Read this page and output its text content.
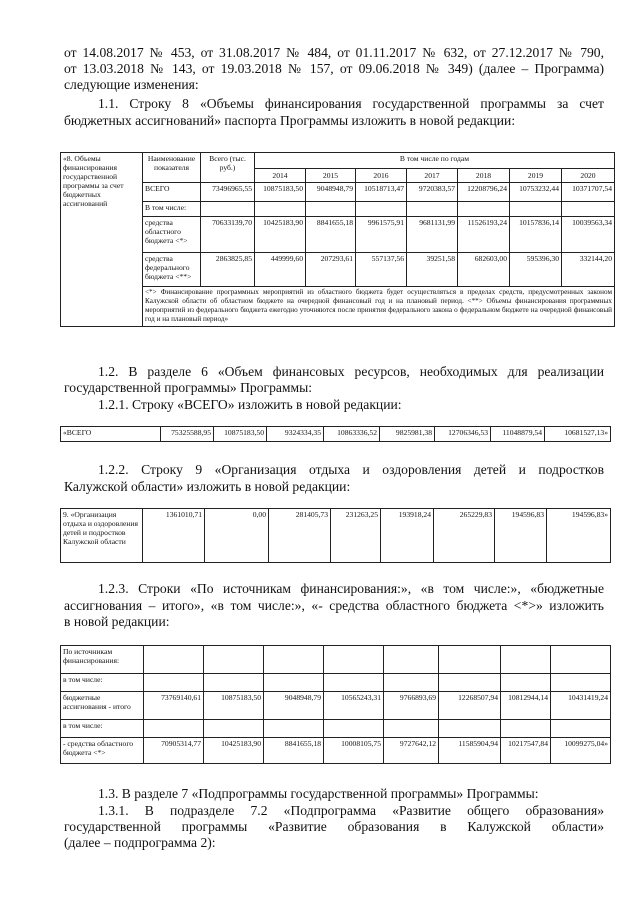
от 14.08.2017 № 453, от 31.08.2017 № 484, от 01.11.2017 № 632, от 27.12.2017 № 790,
от 13.03.2018 № 143, от 19.03.2018 № 157, от 09.06.2018 № 349) (далее – Программа)
следующие изменения:
1.1. Строку 8 «Объемы финансирования государственной программы за счет
бюджетных ассигнований» паспорта Программы изложить в новой редакции:
«8. Объемы финансирования государственной программы за счет бюджетных ассигнований	Наименование показателя	Всего (тыс. руб.)	В том числе по годам						
			2014	2015	2016	2017	2018	2019	2020
	ВСЕГО	73496965,55	10875183,50	9048948,79	10518713,47	9720383,57	12208796,24	10753232,44	10371707,54
	В том числе:								
	средства областного бюджета <*>	70633139,70	10425183,90	8841655,18	9961575,91	9681131,99	11526193,24	10157836,14	10039563,34
	средства федерального бюджета <**>	2863825,85	449999,60	207293,61	557137,56	39251,58	682603,00	595396,30	332144,20
	<*> Финансирование программных мероприятий из областного бюджета будет осуществляться в пределах средств, предусмотренных законом Калужской области об областном бюджете на очередной финансовый год и на плановый период. <**> Объемы финансирования программных мероприятий из федерального бюджета ежегодно уточняются после принятия федерального закона о федеральном бюджете на очередной финансовый год и на плановый период»								
1.2. В разделе 6 «Объем финансовых ресурсов, необходимых для реализации
государственной программы» Программы:
1.2.1. Строку «ВСЕГО» изложить в новой редакции:
«ВСЕГО	75325588,95	10875183,50	9324334,35	10863336,52	9825981,38	12706346,53	11048879,54	10681527,13»
1.2.2. Строку 9 «Организация отдыха и оздоровления детей и подростков
Калужской области» изложить в новой редакции:
9. «Организация отдыха и оздоровления детей и подростков Калужской области	1361010,71	0,00	281405,73	231263,25	193918,24	265229,83	194596,83	194596,83»
1.2.3. Строки «По источникам финансирования:», «в том числе:», «бюджетные
ассигнования – итого», «в том числе:», «- средства областного бюджета <*>» изложить
в новой редакции:
По источникам финансирования:								
в том числе:								
бюджетные ассигнования - итого	73769140,61	10875183,50	9048948,79	10565243,31	9766893,69	12268507,94	10812944,14	10431419,24
в том числе:								
- средства областного бюджета <*>	70905314,77	10425183,90	8841655,18	10008105,75	9727642,12	11585904,94	10217547,84	10099275,04»
1.3. В разделе 7 «Подпрограммы государственной программы» Программы:
1.3.1. В подразделе 7.2 «Подпрограмма «Развитие общего образования»
государственной программы «Развитие образования в Калужской области»
(далее – подпрограмма 2):
